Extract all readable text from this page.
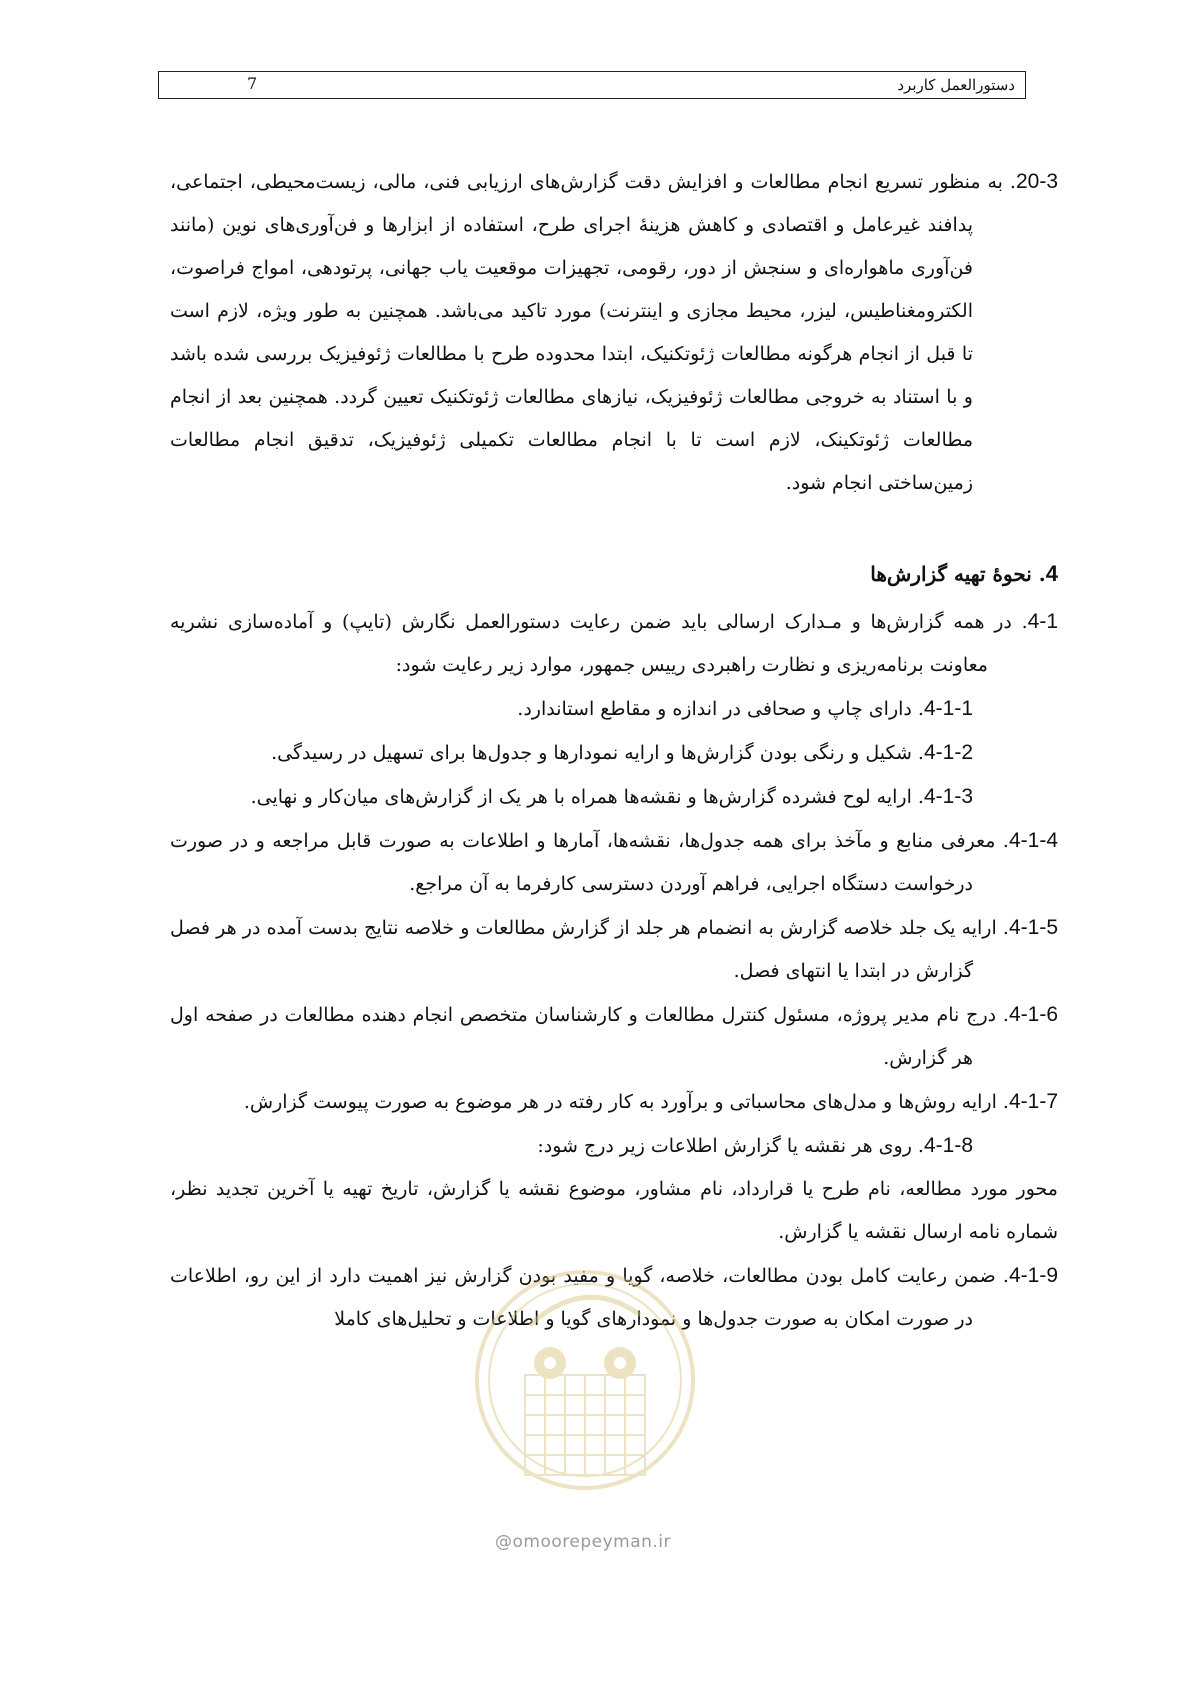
دستورالعمل کاربرد
7

20-3. به منظور تسریع انجام مطالعات و افزایش دقت گزارش‌های ارزیابی فنی، مالی، زیست‌محیطی، اجتماعی، پدافند غیرعامل و اقتصادی و کاهش هزینۀ اجرای طرح، استفاده از ابزارها و فن‌آوری‌های نوین (مانند فن‌آوری ماهواره‌ای و سنجش از دور، رقومی، تجهیزات موقعیت یاب جهانی، پرتودهی، امواج فراصوت، الکترومغناطیس، لیزر، محیط مجازی و اینترنت) مورد تاکید می‌باشد. همچنین به طور ویژه، لازم است تا قبل از انجام هرگونه مطالعات ژئوتکنیک، ابتدا محدوده طرح با مطالعات ژئوفیزیک بررسی شده باشد و با استناد به خروجی مطالعات ژئوفیزیک، نیازهای مطالعات ژئوتکنیک تعیین گردد. همچنین بعد از انجام مطالعات ژئوتکینک، لازم است تا با انجام مطالعات تکمیلی ژئوفیزیک، تدقیق انجام مطالعات زمین‌ساختی انجام شود.

4. نحوۀ تهیه گزارش‌ها

4-1. در همه گزارش‌ها و مـدارک ارسالی باید ضمن رعایت دستورالعمل نگارش (تایپ) و آماده‌سازی نشریه معاونت برنامه‌ریزی و نظارت راهبردی ریيس جمهور، موارد زیر رعایت شود:

4-1-1. دارای چاپ و صحافی در اندازه و مقاطع استاندارد.

4-1-2. شکیل و رنگی بودن گزارش‌ها و ارایه نمودارها و جدول‌ها برای تسهیل در رسیدگی.

4-1-3. ارایه لوح فشرده گزارش‌ها و نقشه‌ها همراه با هر یک از گزارش‌های میان‌کار و نهایی.

4-1-4. معرفی منابع و مآخذ برای همه جدول‌ها، نقشه‌ها، آمارها و اطلاعات به صورت قابل مراجعه و در صورت درخواست دستگاه اجرایی، فراهم آوردن دسترسی کارفرما به آن مراجع.

4-1-5. ارایه یک جلد خلاصه گزارش به انضمام هر جلد از گزارش مطالعات و خلاصه نتایج بدست آمده در هر فصل گزارش در ابتدا یا انتهای فصل.

4-1-6. درج نام مدیر پروژه، مسئول کنترل مطالعات و کارشناسان متخصص انجام دهنده مطالعات در صفحه اول هر گزارش.

4-1-7. ارایه روش‌ها و مدل‌های محاسباتی و برآورد به کار رفته در هر موضوع به صورت پیوست گزارش.

4-1-8. روی هر نقشه یا گزارش اطلاعات زیر درج شود:

محور مورد مطالعه، نام طرح یا قرارداد، نام مشاور، موضوع نقشه یا گزارش، تاریخ تهیه یا آخرین تجدید نظر، شماره نامه ارسال نقشه یا گزارش.

4-1-9. ضمن رعایت کامل بودن مطالعات، خلاصه، گویا و مفید بودن گزارش نیز اهمیت دارد از این رو، اطلاعات در صورت امکان به صورت جدول‌ها و نمودارهای گویا و اطلاعات و تحلیل‌های کاملا

@omoorepeyman.ir
